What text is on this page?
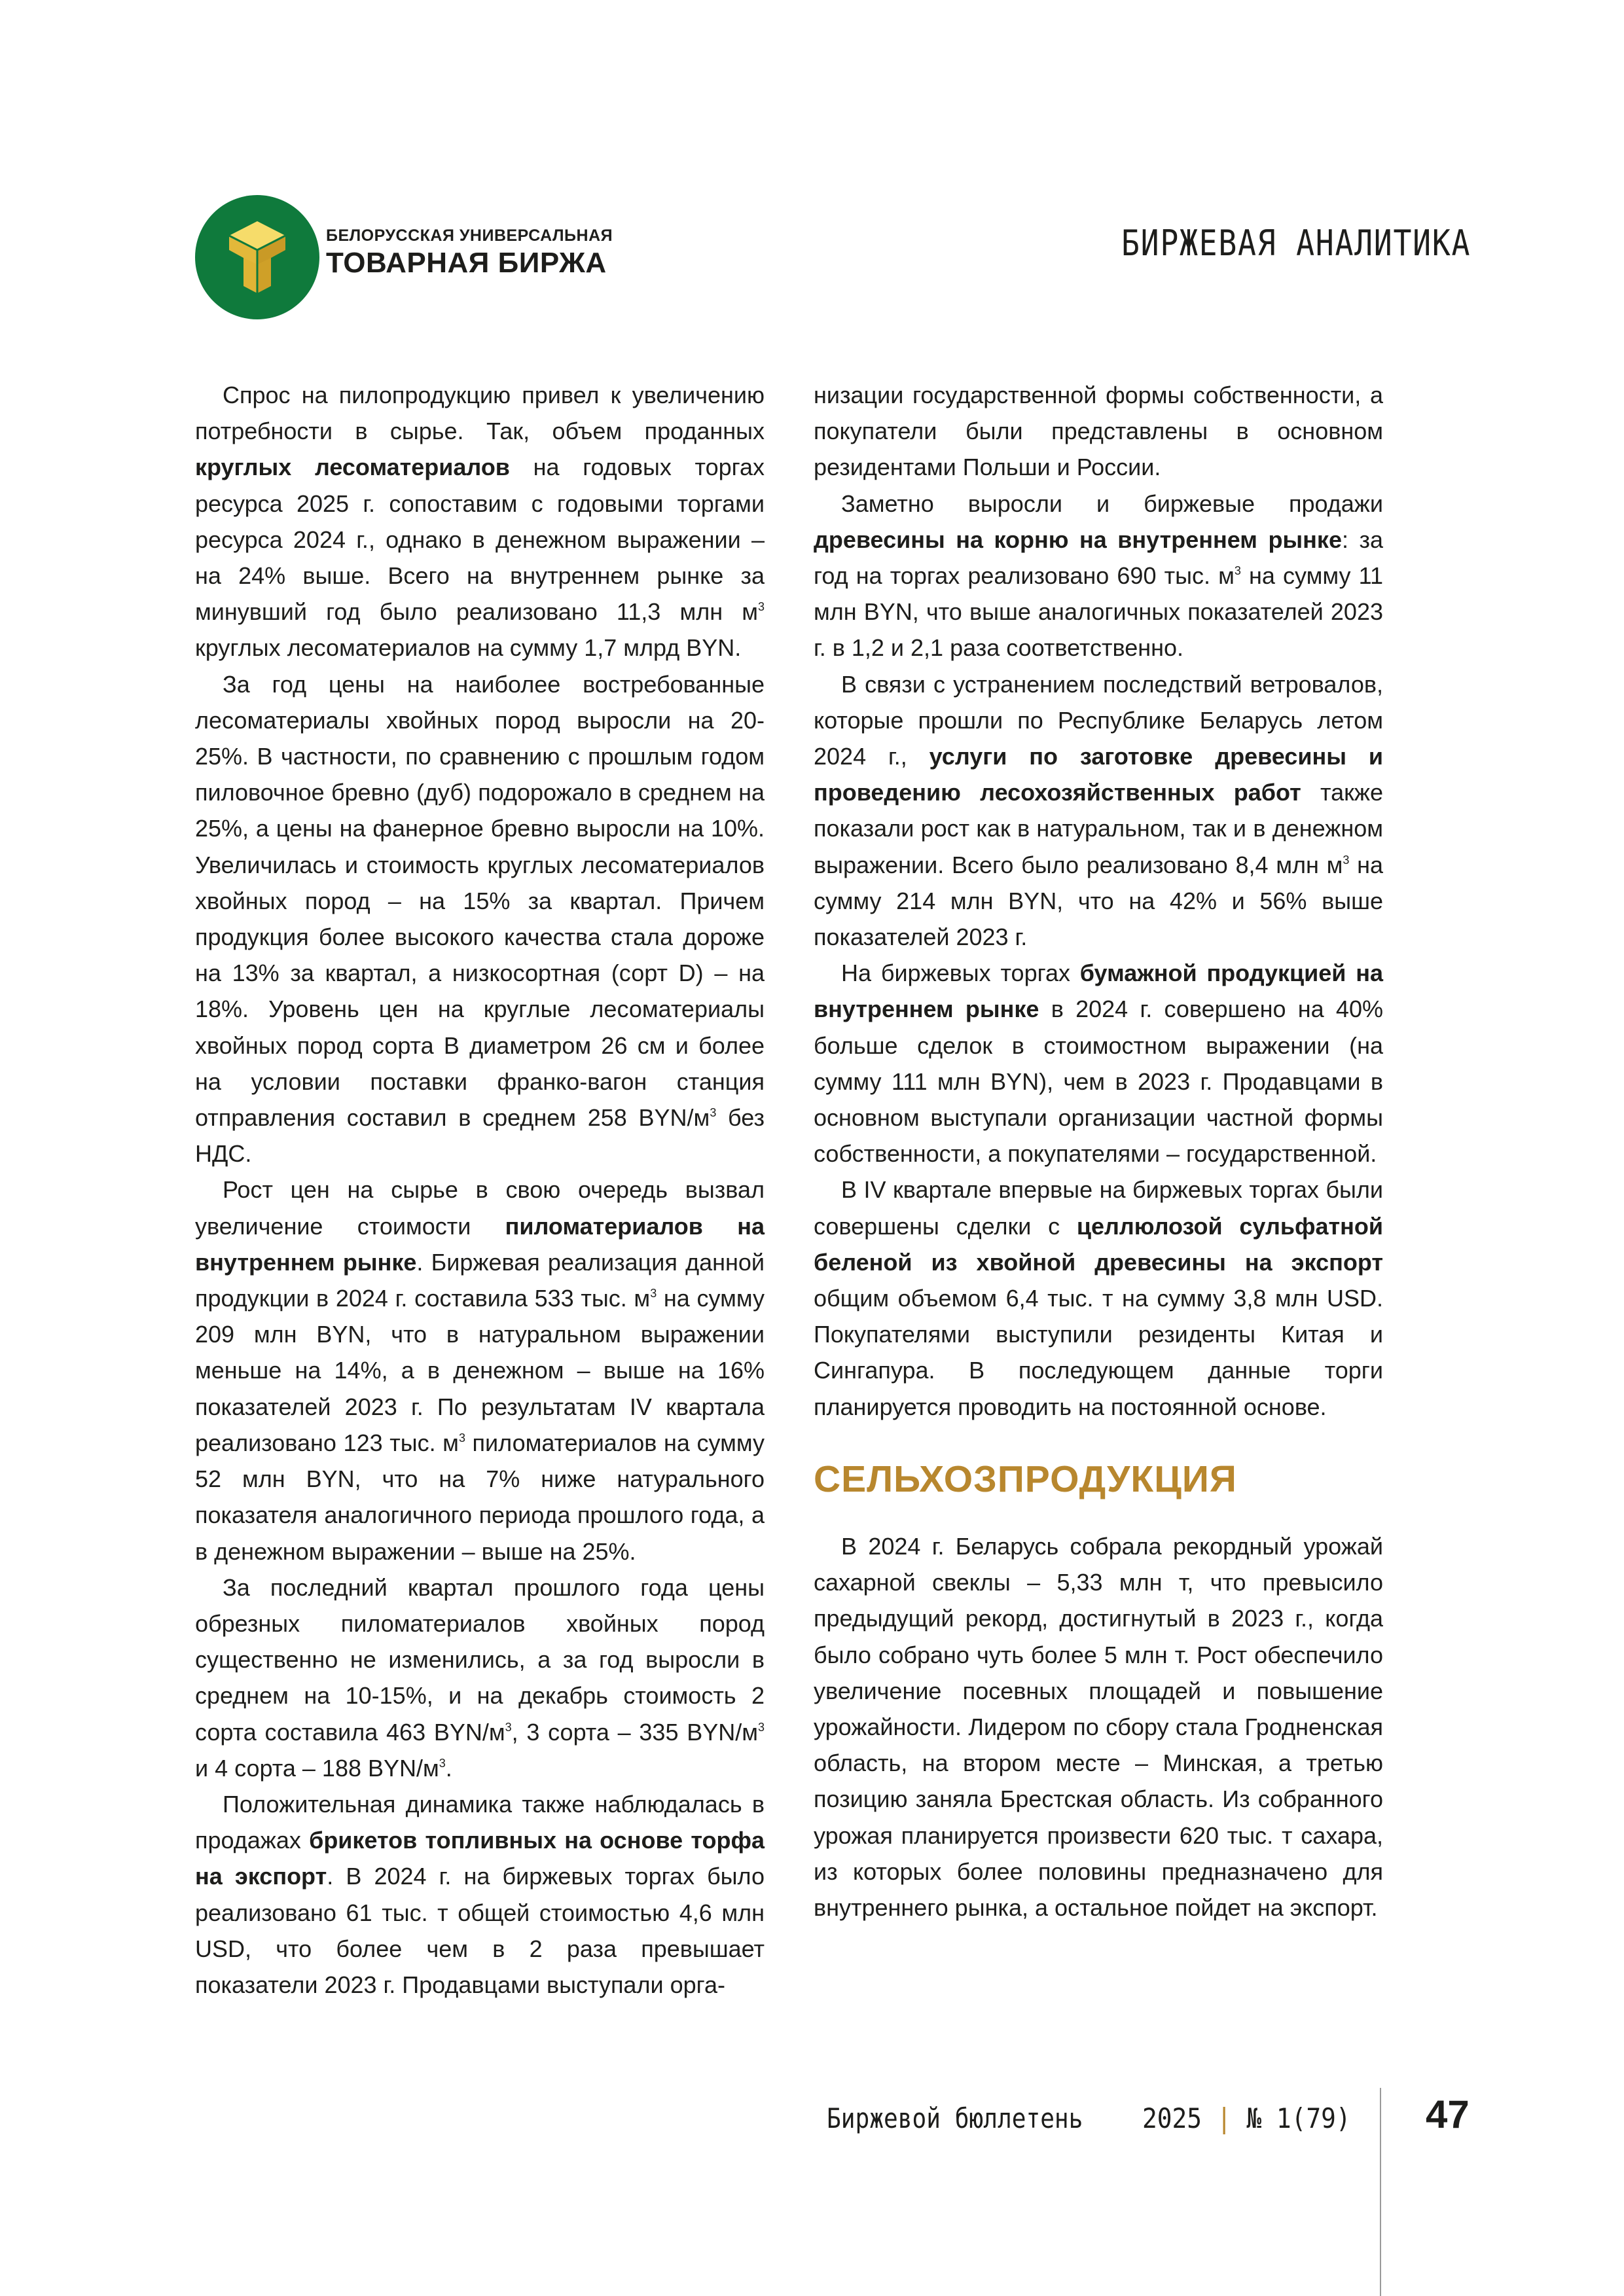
БЕЛОРУССКАЯ УНИВЕРСАЛЬНАЯ
ТОВАРНАЯ БИРЖА	БИРЖЕВАЯ АНАЛИТИКА

Спрос на пилопродукцию привел к увеличению потребности в сырье. Так, объем проданных круглых лесоматериалов на годовых торгах ресурса 2025 г. сопоставим с годовыми торгами ресурса 2024 г., однако в денежном выражении – на 24% выше. Всего на внутреннем рынке за минувший год было реализовано 11,3 млн $м^3$ круглых лесоматериалов на сумму 1,7 млрд BYN.

За год цены на наиболее востребованные лесоматериалы хвойных пород выросли на 20-25%. В частности, по сравнению с прошлым годом пиловочное бревно (дуб) подорожало в среднем на 25%, а цены на фанерное бревно выросли на 10%. Увеличилась и стоимость круглых лесоматериалов хвойных пород – на 15% за квартал. Причем продукция более высокого качества стала дороже на 13% за квартал, а низкосортная (сорт D) – на 18%. Уровень цен на круглые лесоматериалы хвойных пород сорта B диаметром 26 см и более на условии поставки франко-вагон станция отправления составил в среднем 258 BYN/$м^3$ без НДС.

Рост цен на сырье в свою очередь вызвал увеличение стоимости пиломатериалов на внутреннем рынке. Биржевая реализация данной продукции в 2024 г. составила 533 тыс. $м^3$ на сумму 209 млн BYN, что в натуральном выражении меньше на 14%, а в денежном – выше на 16% показателей 2023 г. По результатам IV квартала реализовано 123 тыс. $м^3$ пиломатериалов на сумму 52 млн BYN, что на 7% ниже натурального показателя аналогичного периода прошлого года, а в денежном выражении – выше на 25%.

За последний квартал прошлого года цены обрезных пиломатериалов хвойных пород существенно не изменились, а за год выросли в среднем на 10-15%, и на декабрь стоимость 2 сорта составила 463 BYN/$м^3$, 3 сорта – 335 BYN/$м^3$ и 4 сорта – 188 BYN/$м^3$.

Положительная динамика также наблюдалась в продажах брикетов топливных на основе торфа на экспорт. В 2024 г. на биржевых торгах было реализовано 61 тыс. т общей стоимостью 4,6 млн USD, что более чем в 2 раза превышает показатели 2023 г. Продавцами выступали орга-

низации государственной формы собственности, а покупатели были представлены в основном резидентами Польши и России.

Заметно выросли и биржевые продажи древесины на корню на внутреннем рынке: за год на торгах реализовано 690 тыс. $м^3$ на сумму 11 млн BYN, что выше аналогичных показателей 2023 г. в 1,2 и 2,1 раза соответственно.

В связи с устранением последствий ветровалов, которые прошли по Республике Беларусь летом 2024 г., услуги по заготовке древесины и проведению лесохозяйственных работ также показали рост как в натуральном, так и в денежном выражении. Всего было реализовано 8,4 млн $м^3$ на сумму 214 млн BYN, что на 42% и 56% выше показателей 2023 г.

На биржевых торгах бумажной продукцией на внутреннем рынке в 2024 г. совершено на 40% больше сделок в стоимостном выражении (на сумму 111 млн BYN), чем в 2023 г. Продавцами в основном выступали организации частной формы собственности, а покупателями – государственной.

В IV квартале впервые на биржевых торгах были совершены сделки с целлюлозой сульфатной беленой из хвойной древесины на экспорт общим объемом 6,4 тыс. т на сумму 3,8 млн USD. Покупателями выступили резиденты Китая и Сингапура. В последующем данные торги планируется проводить на постоянной основе.

СЕЛЬХОЗПРОДУКЦИЯ

В 2024 г. Беларусь собрала рекордный урожай сахарной свеклы – 5,33 млн т, что превысило предыдущий рекорд, достигнутый в 2023 г., когда было собрано чуть более 5 млн т. Рост обеспечило увеличение посевных площадей и повышение урожайности. Лидером по сбору стала Гродненская область, на втором месте – Минская, а третью позицию заняла Брестская область. Из собранного урожая планируется произвести 620 тыс. т сахара, из которых более половины предназначено для внутреннего рынка, а остальное пойдет на экспорт.

Биржевой бюллетень 2025 | № 1(79) 47
